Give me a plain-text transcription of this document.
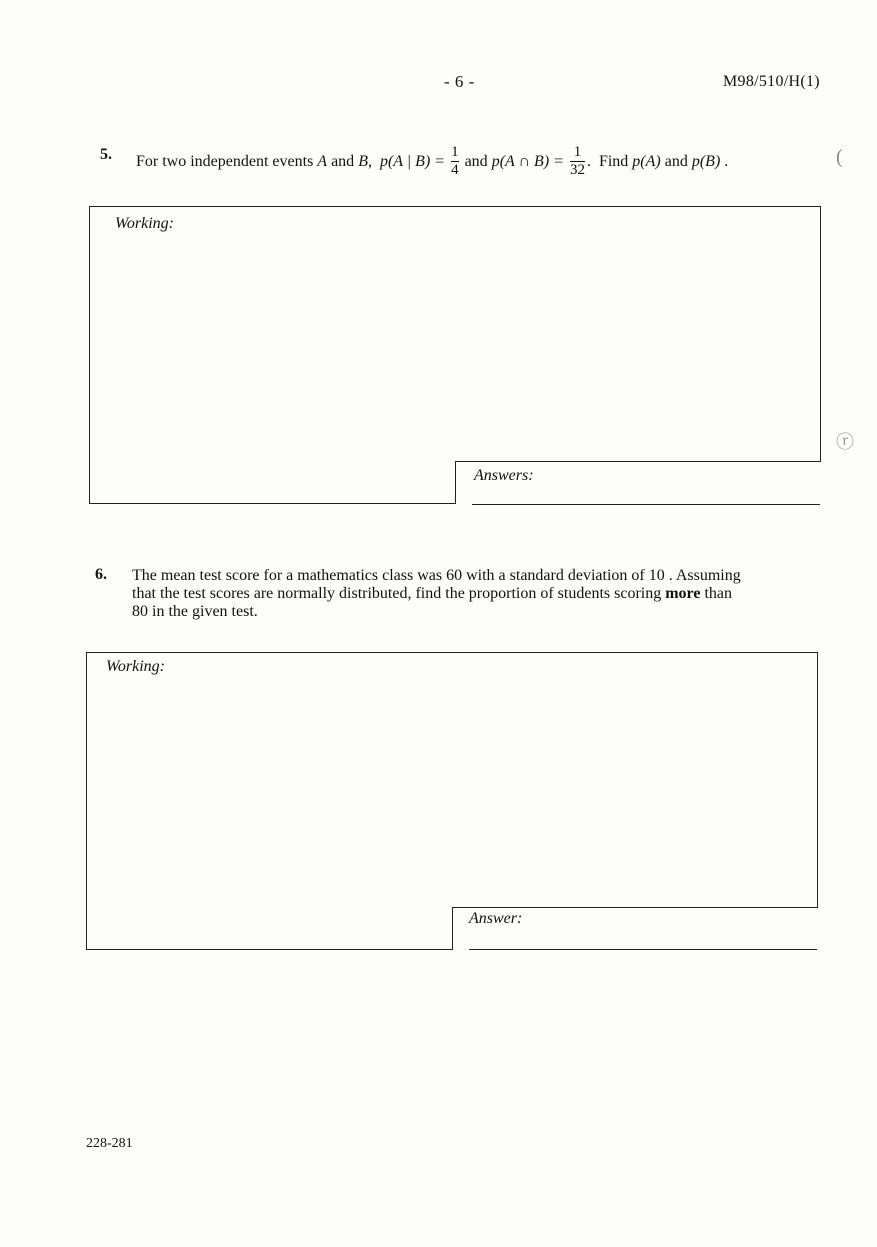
- 6 -	M98/510/H(1)
5. For two independent events A and B, p(A | $B) = \frac{1}{4}$ and p(A ∩ $B) = \frac{1}{32}$ . Find p(A) and p(B) .	(
Working:
Answers:
ⓡ
6. The mean test score for a mathematics class was 60 with a standard deviation of 10 . Assuming
that the test scores are normally distributed, find the proportion of students scoring more than
80 in the given test.
Working:
Answer:
228-281
